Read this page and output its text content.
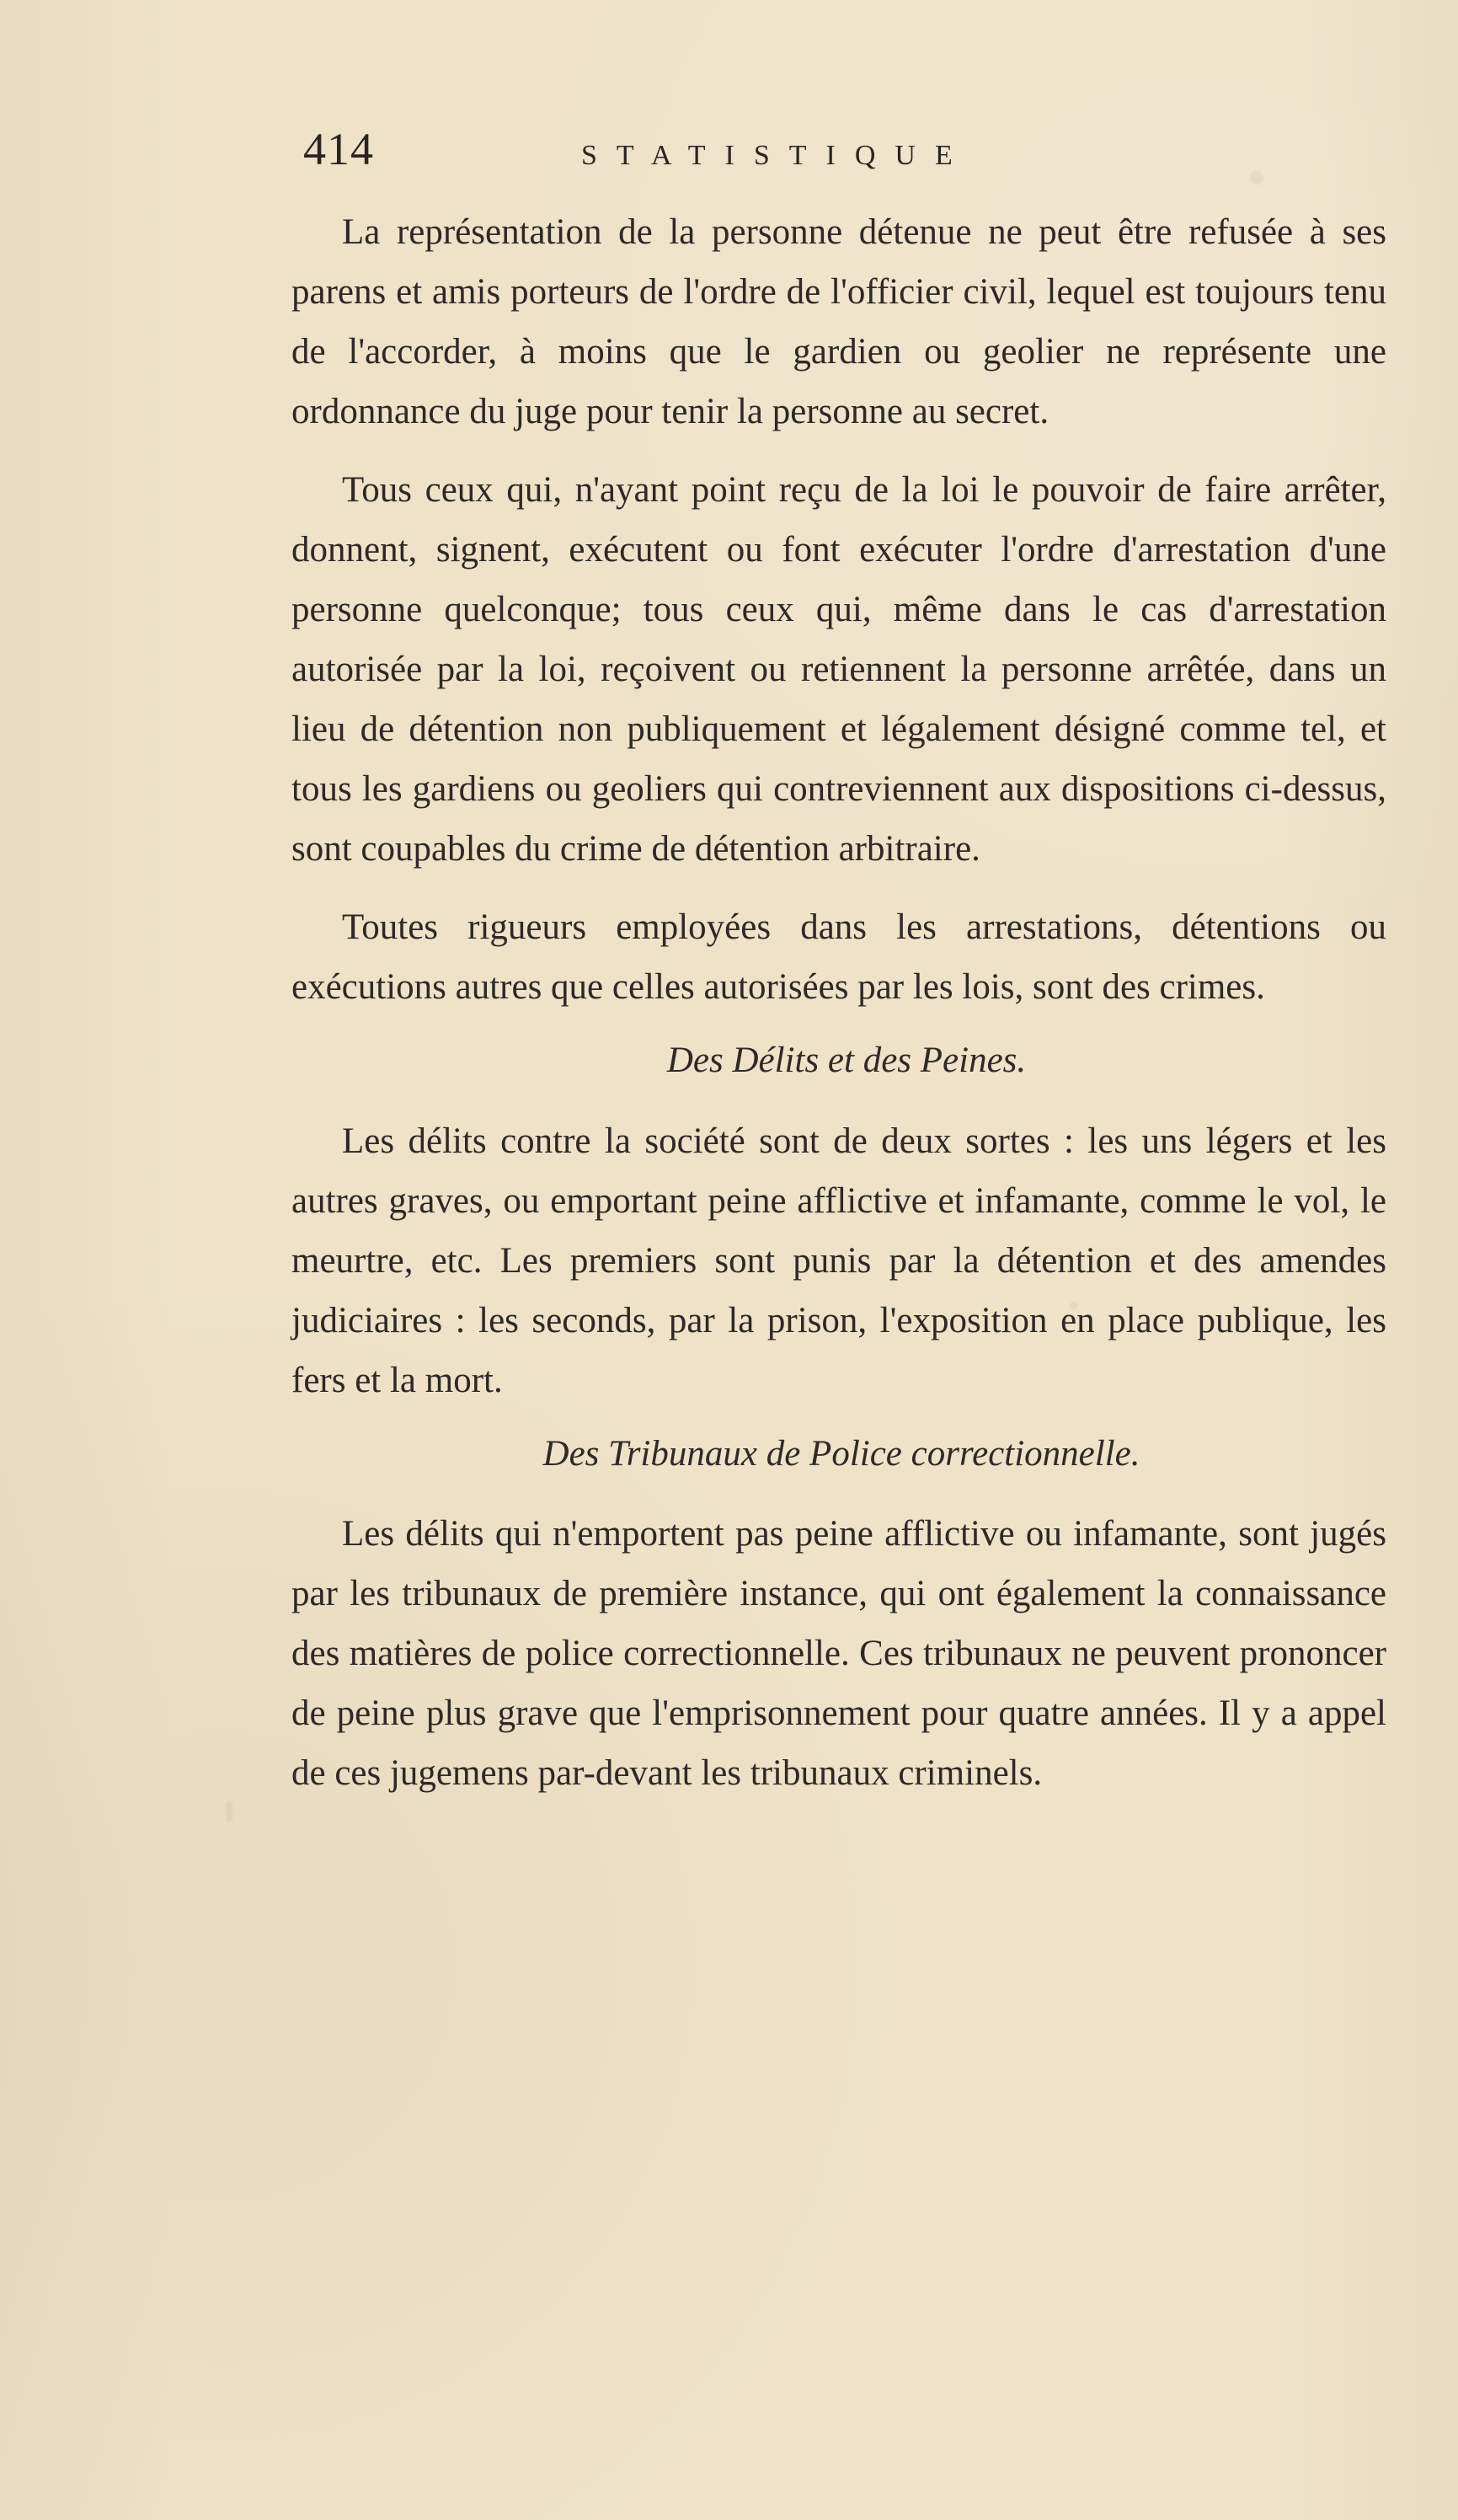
414	STATISTIQUE

La représentation de la personne détenue ne peut être refusée à ses parens et amis porteurs de l'ordre de l'officier civil, lequel est toujours tenu de l'accorder, à moins que le gardien ou geolier ne représente une ordonnance du juge pour tenir la personne au secret.

Tous ceux qui, n'ayant point reçu de la loi le pouvoir de faire arrêter, donnent, signent, exécutent ou font exécuter l'ordre d'arrestation d'une personne quelconque; tous ceux qui, même dans le cas d'arrestation autorisée par la loi, reçoivent ou retiennent la personne arrêtée, dans un lieu de détention non publiquement et légalement désigné comme tel, et tous les gardiens ou geoliers qui contreviennent aux dispositions ci-dessus, sont coupables du crime de détention arbitraire.

Toutes rigueurs employées dans les arrestations, détentions ou exécutions autres que celles autorisées par les lois, sont des crimes.

Des Délits et des Peines.

Les délits contre la société sont de deux sortes : les uns légers et les autres graves, ou emportant peine afflictive et infamante, comme le vol, le meurtre, etc. Les premiers sont punis par la détention et des amendes judiciaires : les seconds, par la prison, l'exposition en place publique, les fers et la mort.

Des Tribunaux de Police correctionnelle.

Les délits qui n'emportent pas peine afflictive ou infamante, sont jugés par les tribunaux de première instance, qui ont également la connaissance des matières de police correctionnelle. Ces tribunaux ne peuvent prononcer de peine plus grave que l'emprisonnement pour quatre années. Il y a appel de ces jugemens par-devant les tribunaux criminels.
